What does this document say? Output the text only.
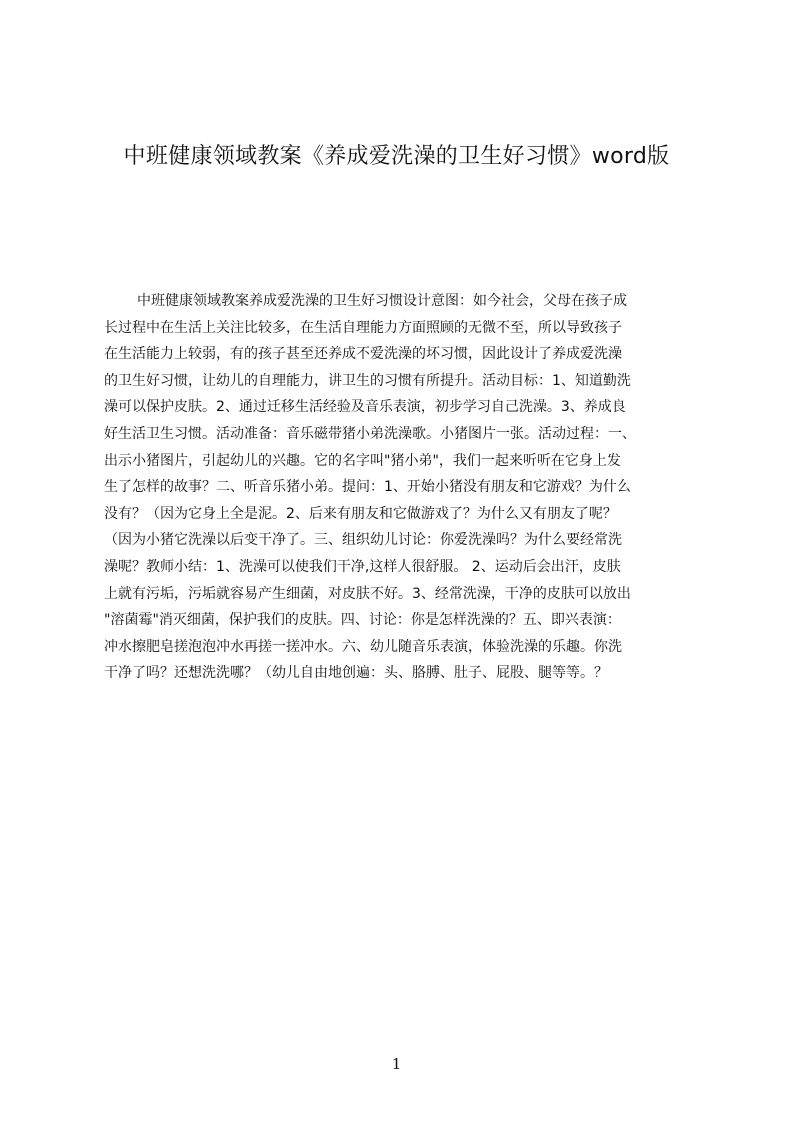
中班健康领域教案《养成爱洗澡的卫生好习惯》word版
中班健康领域教案养成爱洗澡的卫生好习惯设计意图：如今社会，父母在孩子成
长过程中在生活上关注比较多，在生活自理能力方面照顾的无微不至，所以导致孩子
在生活能力上较弱，有的孩子甚至还养成不爱洗澡的坏习惯，因此设计了养成爱洗澡
的卫生好习惯，让幼儿的自理能力，讲卫生的习惯有所提升。活动目标：1、知道勤洗
澡可以保护皮肤。2、通过迁移生活经验及音乐表演，初步学习自己洗澡。3、养成良
好生活卫生习惯。活动准备：音乐磁带猪小弟洗澡歌。小猪图片一张。活动过程：一、
出示小猪图片，引起幼儿的兴趣。它的名字叫"猪小弟"，我们一起来听听在它身上发
生了怎样的故事？二、听音乐猪小弟。提问：1、开始小猪没有朋友和它游戏？为什么
没有？（因为它身上全是泥。2、后来有朋友和它做游戏了？为什么又有朋友了呢？
（因为小猪它洗澡以后变干净了。三、组织幼儿讨论：你爱洗澡吗？为什么要经常洗
澡呢？教师小结：1、洗澡可以使我们干净,这样人很舒服。 2、运动后会出汗，皮肤
上就有污垢，污垢就容易产生细菌，对皮肤不好。3、经常洗澡，干净的皮肤可以放出
"溶菌霉"消灭细菌，保护我们的皮肤。四、讨论：你是怎样洗澡的？五、即兴表演：
冲水擦肥皂搓泡泡冲水再搓一搓冲水。六、幼儿随音乐表演，体验洗澡的乐趣。你洗
干净了吗？还想洗洗哪？（幼儿自由地创遍：头、胳膊、肚子、屁股、腿等等。？
1
